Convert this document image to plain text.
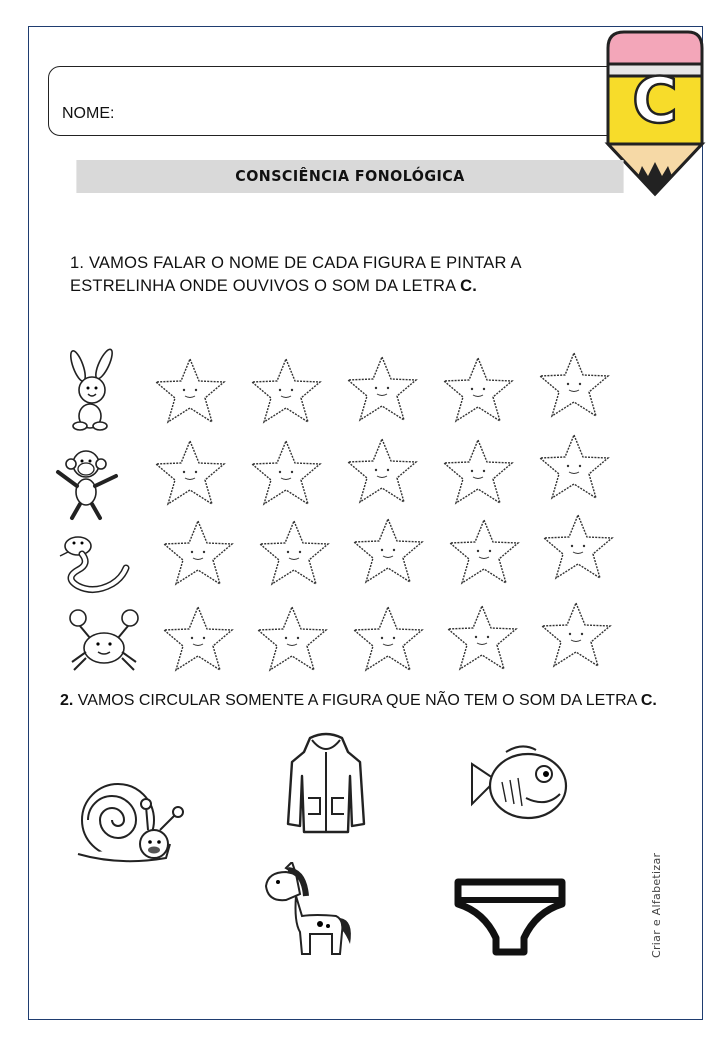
NOME:	C
CONSCIÊNCIA FONOLÓGICA
1. VAMOS FALAR O NOME DE CADA FIGURA E PINTAR A ESTRELINHA ONDE OUVIVOS O SOM DA LETRA C.
2. VAMOS CIRCULAR SOMENTE A FIGURA QUE NÃO TEM O SOM DA LETRA C.
Criar e Alfabetizar
